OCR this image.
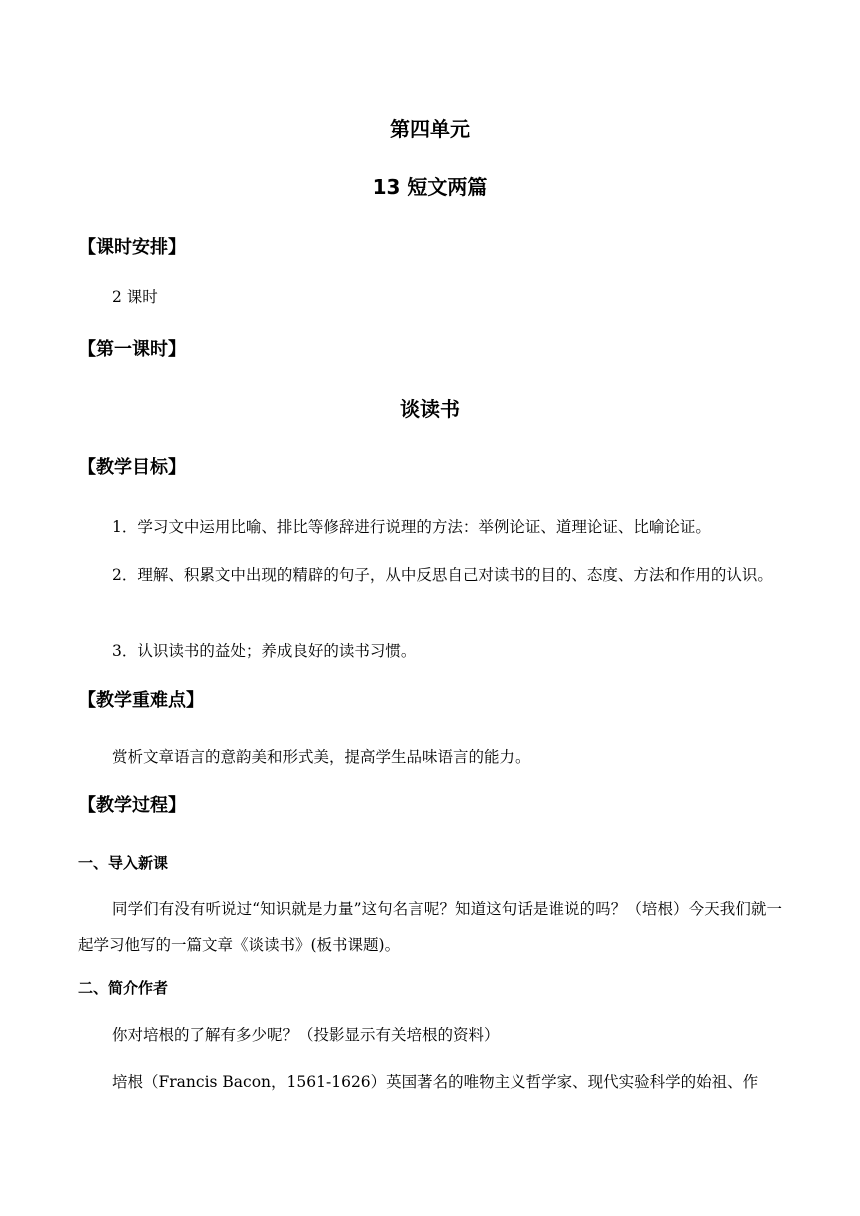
第四单元
13 短文两篇
【课时安排】
2 课时
【第一课时】
谈读书
【教学目标】
1．学习文中运用比喻、排比等修辞进行说理的方法：举例论证、道理论证、比喻论证。
2．理解、积累文中出现的精辟的句子，从中反思自己对读书的目的、态度、方法和作用的认识。
3．认识读书的益处；养成良好的读书习惯。
【教学重难点】
赏析文章语言的意韵美和形式美，提高学生品味语言的能力。
【教学过程】
一、导入新课
同学们有没有听说过“知识就是力量”这句名言呢？知道这句话是谁说的吗？（培根）今天我们就一起学习他写的一篇文章《谈读书》(板书课题)。
二、简介作者
你对培根的了解有多少呢？（投影显示有关培根的资料）
培根（Francis Bacon，1561-1626）英国著名的唯物主义哲学家、现代实验科学的始祖、作
